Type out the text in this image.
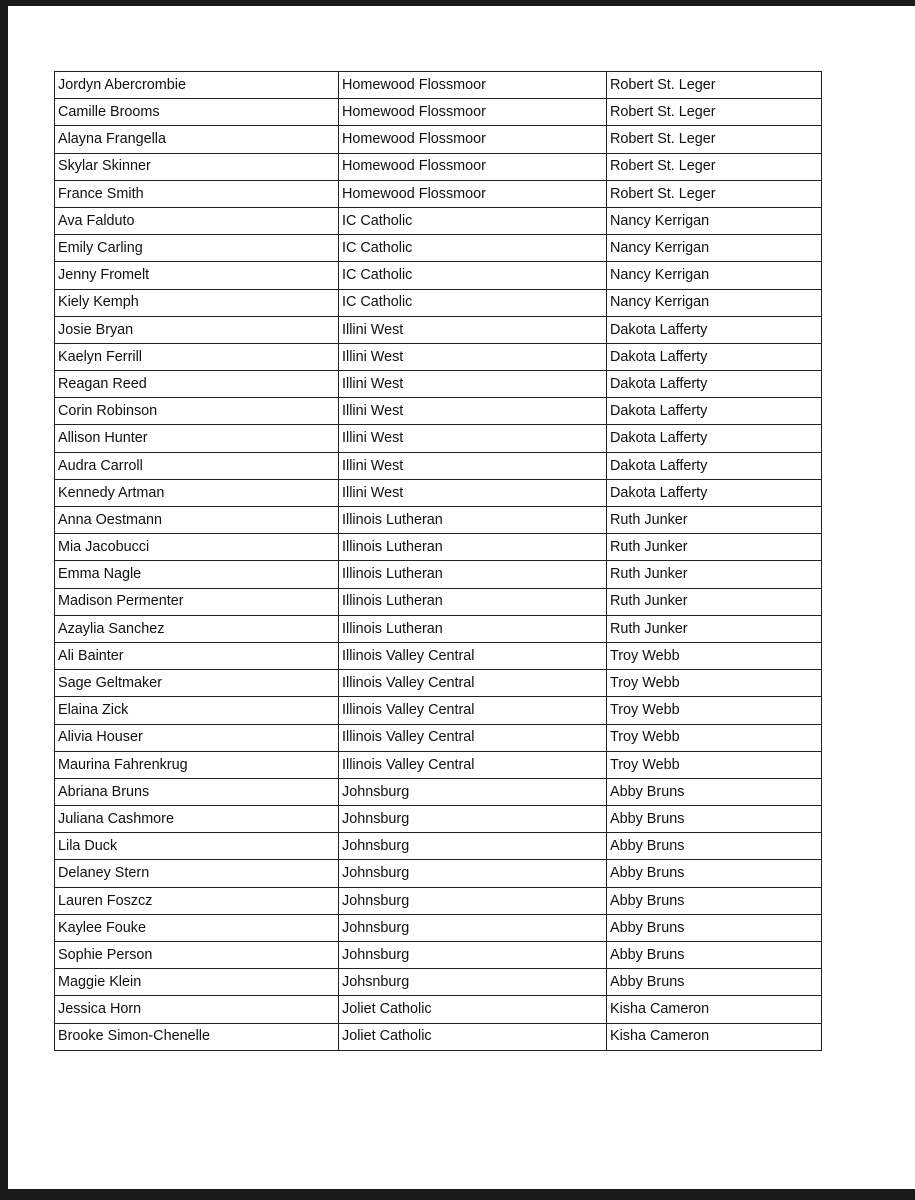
Jordyn Abercrombie	Homewood Flossmoor	Robert St. Leger
Camille Brooms	Homewood Flossmoor	Robert St. Leger
Alayna Frangella	Homewood Flossmoor	Robert St. Leger
Skylar Skinner	Homewood Flossmoor	Robert St. Leger
France Smith	Homewood Flossmoor	Robert St. Leger
Ava Falduto	IC Catholic	Nancy Kerrigan
Emily Carling	IC Catholic	Nancy Kerrigan
Jenny Fromelt	IC Catholic	Nancy Kerrigan
Kiely Kemph	IC Catholic	Nancy Kerrigan
Josie Bryan	Illini West	Dakota Lafferty
Kaelyn Ferrill	Illini West	Dakota Lafferty
Reagan Reed	Illini West	Dakota Lafferty
Corin Robinson	Illini West	Dakota Lafferty
Allison Hunter	Illini West	Dakota Lafferty
Audra Carroll	Illini West	Dakota Lafferty
Kennedy Artman	Illini West	Dakota Lafferty
Anna Oestmann	Illinois Lutheran	Ruth Junker
Mia Jacobucci	Illinois Lutheran	Ruth Junker
Emma Nagle	Illinois Lutheran	Ruth Junker
Madison Permenter	Illinois Lutheran	Ruth Junker
Azaylia Sanchez	Illinois Lutheran	Ruth Junker
Ali Bainter	Illinois Valley Central	Troy Webb
Sage Geltmaker	Illinois Valley Central	Troy Webb
Elaina Zick	Illinois Valley Central	Troy Webb
Alivia Houser	Illinois Valley Central	Troy Webb
Maurina Fahrenkrug	Illinois Valley Central	Troy Webb
Abriana Bruns	Johnsburg	Abby Bruns
Juliana Cashmore	Johnsburg	Abby Bruns
Lila Duck	Johnsburg	Abby Bruns
Delaney Stern	Johnsburg	Abby Bruns
Lauren Foszcz	Johnsburg	Abby Bruns
Kaylee Fouke	Johnsburg	Abby Bruns
Sophie Person	Johnsburg	Abby Bruns
Maggie Klein	Johsnburg	Abby Bruns
Jessica Horn	Joliet Catholic	Kisha Cameron
Brooke Simon-Chenelle	Joliet Catholic	Kisha Cameron
